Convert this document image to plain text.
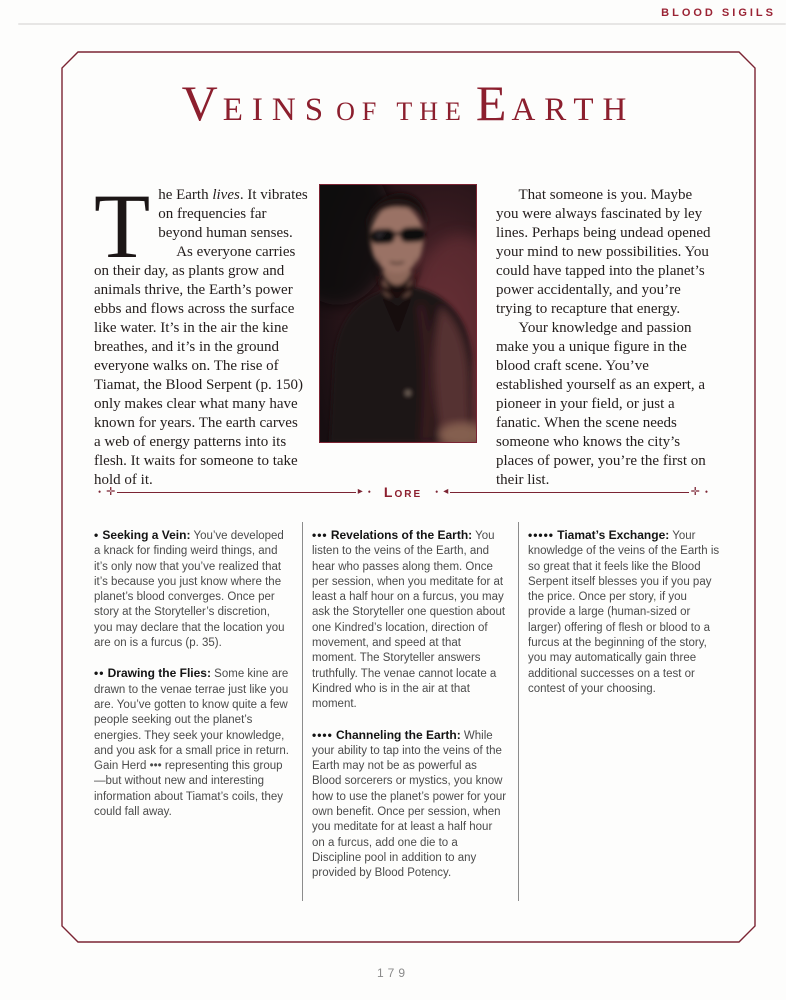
BLOOD SIGILS
VEINS OF THE EARTH
The Earth lives. It vibrates on frequencies far beyond human senses.
As everyone carries on their day, as plants grow and animals thrive, the Earth’s power ebbs and flows across the surface like water. It’s in the air the kine breathes, and it’s in the ground everyone walks on. The rise of Tiamat, the Blood Serpent (p. 150) only makes clear what many have known for years. The earth carves a web of energy patterns into its flesh. It waits for someone to take hold of it.

That someone is you. Maybe you were always fascinated by ley lines. Perhaps being undead opened your mind to new possibilities. You could have tapped into the planet’s power accidentally, and you’re trying to recapture that energy.

Your knowledge and passion make you a unique figure in the blood craft scene. You’ve established yourself as an expert, a pioneer in your field, or just a fanatic. When the scene needs someone who knows the city’s places of power, you’re the first on their list.

• ✛	▸ • Lore • ◂	✛ •
• Seeking a Vein: You’ve developed a knack for finding weird things, and it’s only now that you’ve realized that it’s because you just know where the planet’s blood converges. Once per story at the Storyteller’s discretion, you may declare that the location you are on is a furcus (p. 35).
•• Drawing the Flies: Some kine are drawn to the venae terrae just like you are. You’ve gotten to know quite a few people seeking out the planet’s energies. They seek your knowledge, and you ask for a small price in return. Gain Herd ••• representing this group—but without new and interesting information about Tiamat’s coils, they could fall away.
••• Revelations of the Earth: You listen to the veins of the Earth, and hear who passes along them. Once per session, when you meditate for at least a half hour on a furcus, you may ask the Storyteller one question about one Kindred’s location, direction of movement, and speed at that moment. The Storyteller answers truthfully. The venae cannot locate a Kindred who is in the air at that moment.
•••• Channeling the Earth: While your ability to tap into the veins of the Earth may not be as powerful as Blood sorcerers or mystics, you know how to use the planet’s power for your own benefit. Once per session, when you meditate for at least a half hour on a furcus, add one die to a Discipline pool in addition to any provided by Blood Potency.
••••• Tiamat’s Exchange: Your knowledge of the veins of the Earth is so great that it feels like the Blood Serpent itself blesses you if you pay the price. Once per story, if you provide a large (human-sized or larger) offering of flesh or blood to a furcus at the beginning of the story, you may automatically gain three additional successes on a test or contest of your choosing.
179
